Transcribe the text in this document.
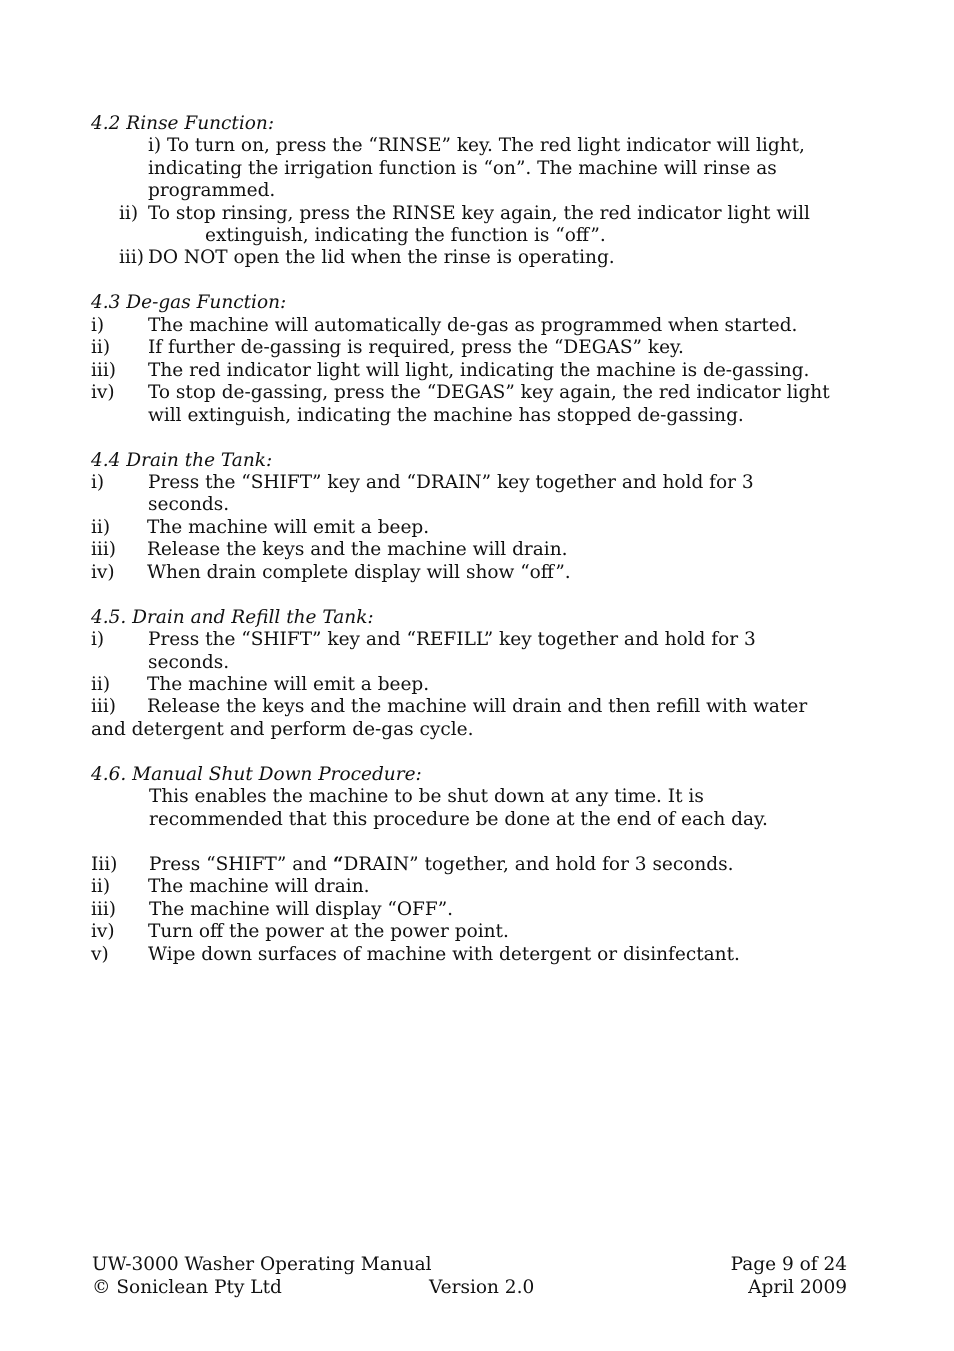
4.2 Rinse Function:
i) To turn on, press the “RINSE” key. The red light indicator will light,
indicating the irrigation function is “on”. The machine will rinse as
programmed.
ii) To stop rinsing, press the RINSE key again, the red indicator light will
extinguish, indicating the function is “off”.
iii) DO NOT open the lid when the rinse is operating.
4.3 De-gas Function:
i) The machine will automatically de-gas as programmed when started.
ii) If further de-gassing is required, press the “DEGAS” key.
iii) The red indicator light will light, indicating the machine is de-gassing.
iv) To stop de-gassing, press the “DEGAS” key again, the red indicator light
will extinguish, indicating the machine has stopped de-gassing.
4.4 Drain the Tank:
i) Press the “SHIFT” key and “DRAIN” key together and hold for 3
seconds.
ii) The machine will emit a beep.
iii) Release the keys and the machine will drain.
iv) When drain complete display will show “off”.
4.5. Drain and Refill the Tank:
i) Press the “SHIFT” key and “REFILL” key together and hold for 3
seconds.
ii) The machine will emit a beep.
iii) Release the keys and the machine will drain and then refill with water
and detergent and perform de-gas cycle.
4.6. Manual Shut Down Procedure:
This enables the machine to be shut down at any time. It is
recommended that this procedure be done at the end of each day.
Iii) Press “SHIFT” and “DRAIN” together, and hold for 3 seconds.
ii) The machine will drain.
iii) The machine will display “OFF”.
iv) Turn off the power at the power point.
v) Wipe down surfaces of machine with detergent or disinfectant.
UW-3000 Washer Operating Manual	Page 9 of 24
© Soniclean Pty Ltd	Version 2.0	April 2009
